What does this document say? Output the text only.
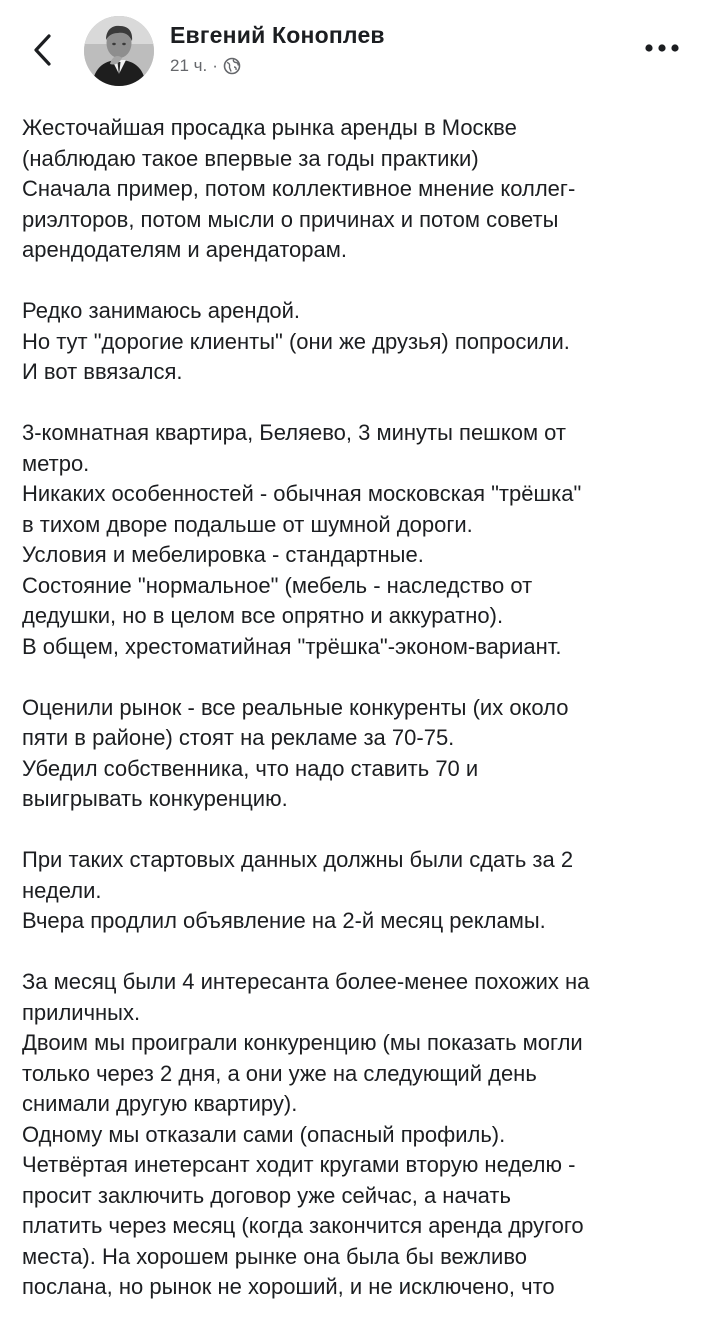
Евгений Коноплев
21 ч. ·
Жесточайшая просадка рынка аренды в Москве
(наблюдаю такое впервые за годы практики)
Сначала пример, потом коллективное мнение коллег-
риэлторов, потом мысли о причинах и потом советы
арендодателям и арендаторам.
Редко занимаюсь арендой.
Но тут "дорогие клиенты" (они же друзья) попросили.
И вот ввязался.
3-комнатная квартира, Беляево, 3 минуты пешком от
метро.
Никаких особенностей - обычная московская "трёшка"
в тихом дворе подальше от шумной дороги.
Условия и мебелировка - стандартные.
Состояние "нормальное" (мебель - наследство от
дедушки, но в целом все опрятно и аккуратно).
В общем, хрестоматийная "трёшка"-эконом-вариант.
Оценили рынок - все реальные конкуренты (их около
пяти в районе) стоят на рекламе за 70-75.
Убедил собственника, что надо ставить 70 и
выигрывать конкуренцию.
При таких стартовых данных должны были сдать за 2
недели.
Вчера продлил объявление на 2-й месяц рекламы.
За месяц были 4 интересанта более-менее похожих на
приличных.
Двоим мы проиграли конкуренцию (мы показать могли
только через 2 дня, а они уже на следующий день
снимали другую квартиру).
Одному мы отказали сами (опасный профиль).
Четвёртая инетерсант ходит кругами вторую неделю -
просит заключить договор уже сейчас, а начать
платить через месяц (когда закончится аренда другого
места). На хорошем рынке она была бы вежливо
послана, но рынок не хороший, и не исключено, что
